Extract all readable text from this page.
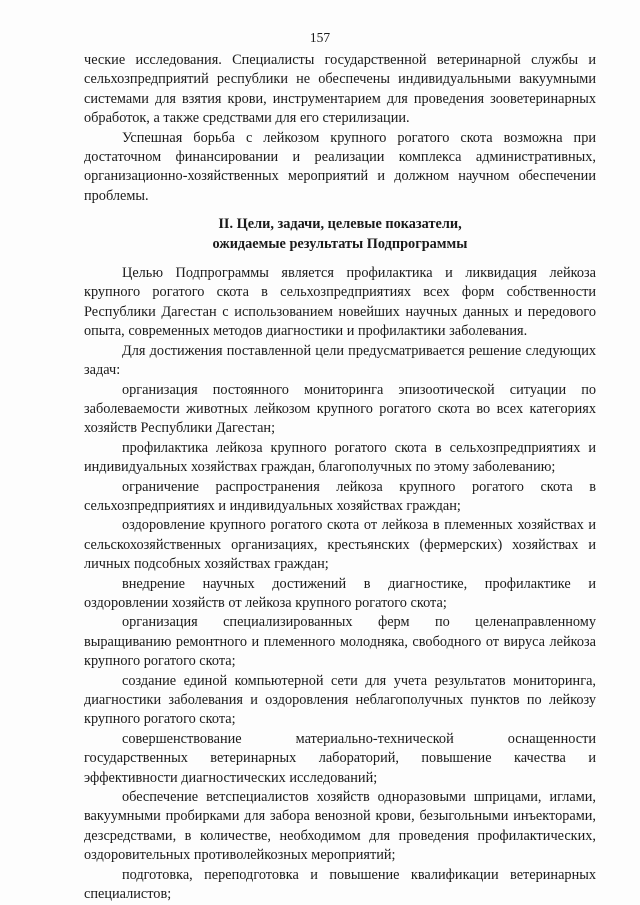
157

ческие исследования. Специалисты государственной ветеринарной службы и сельхозпредприятий республики не обеспечены индивидуальными вакуумными системами для взятия крови, инструментарием для проведения зооветеринарных обработок, а также средствами для его стерилизации.

Успешная борьба с лейкозом крупного рогатого скота возможна при достаточном финансировании и реализации комплекса административных, организационно-хозяйственных мероприятий и должном научном обеспечении проблемы.

II. Цели, задачи, целевые показатели,
ожидаемые результаты Подпрограммы

Целью Подпрограммы является профилактика и ликвидация лейкоза крупного рогатого скота в сельхозпредприятиях всех форм собственности Республики Дагестан с использованием новейших научных данных и передового опыта, современных методов диагностики и профилактики заболевания.

Для достижения поставленной цели предусматривается решение следующих задач:

организация постоянного мониторинга эпизоотической ситуации по заболеваемости животных лейкозом крупного рогатого скота во всех категориях хозяйств Республики Дагестан;

профилактика лейкоза крупного рогатого скота в сельхозпредприятиях и индивидуальных хозяйствах граждан, благополучных по этому заболеванию;

ограничение распространения лейкоза крупного рогатого скота в сельхозпредприятиях и индивидуальных хозяйствах граждан;

оздоровление крупного рогатого скота от лейкоза в племенных хозяйствах и сельскохозяйственных организациях, крестьянских (фермерских) хозяйствах и личных подсобных хозяйствах граждан;

внедрение научных достижений в диагностике, профилактике и оздоровлении хозяйств от лейкоза крупного рогатого скота;

организация специализированных ферм по целенаправленному выращиванию ремонтного и племенного молодняка, свободного от вируса лейкоза крупного рогатого скота;

создание единой компьютерной сети для учета результатов мониторинга, диагностики заболевания и оздоровления неблагополучных пунктов по лейкозу крупного рогатого скота;

совершенствование материально-технической оснащенности государственных ветеринарных лабораторий, повышение качества и эффективности диагностических исследований;

обеспечение ветспециалистов хозяйств одноразовыми шприцами, иглами, вакуумными пробирками для забора венозной крови, безыгольными инъекторами, дезсредствами, в количестве, необходимом для проведения профилактических, оздоровительных противолейкозных мероприятий;

подготовка, переподготовка и повышение квалификации ветеринарных специалистов;
